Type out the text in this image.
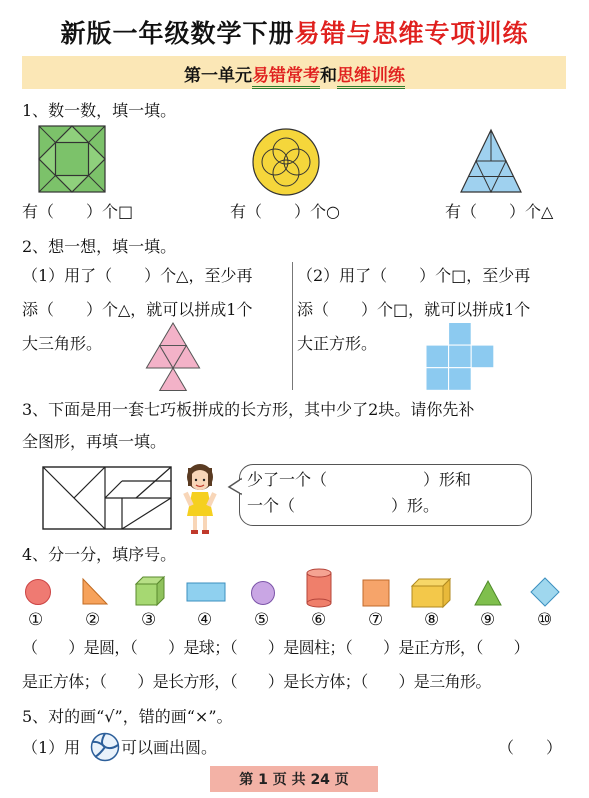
新版一年级数学下册易错与思维专项训练
第一单元易错常考和思维训练
1、数一数，填一填。
有（　　）个□	有（　　）个○	有（　　）个△
2、想一想，填一填。
（1）用了（　　）个△，至少再
添（　　）个△，就可以拼成1个
大三角形。
（2）用了（　　）个□，至少再
添（　　）个□，就可以拼成1个
大正方形。
3、下面是用一套七巧板拼成的长方形，其中少了2块。请你先补
全图形，再填一填。
少了一个（　　　　　　）形和
一个（　　　　　　）形。
4、分一分，填序号。
① ② ③ ④ ⑤ ⑥ ⑦ ⑧ ⑨ ⑩
（　　）是圆，（　　）是球；（　　）是圆柱；（　　）是正方形，（　　）
是正方体；（　　）是长方形，（　　）是长方体；（　　）是三角形。
5、对的画“√”，错的画“×”。
（1）用	可以画出圆。	（　　）
第 1 页 共 24 页
